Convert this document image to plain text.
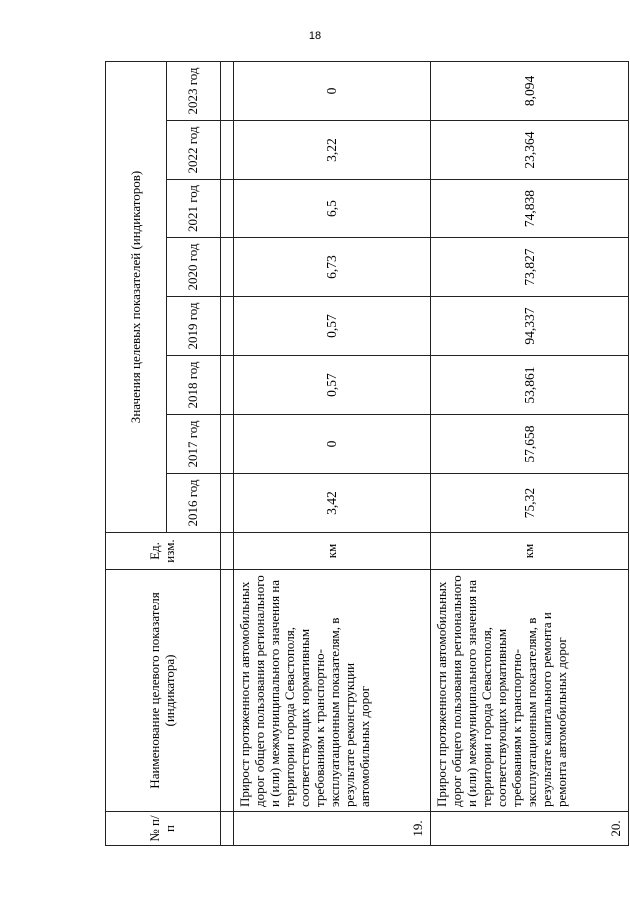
18
№ п/п	Наименование целевого показателя (индикатора)	Ед. изм.	Значения целевых показателей (индикаторов)							
			2016 год	2017 год	2018 год	2019 год	2020 год	2021 год	2022 год	2023 год

19.	Прирост протяженности автомобильных дорог общего пользования регионального и (или) межмуниципального значения на территории города Севастополя, соответствующих нормативным требованиям к транспортно-эксплуатационным показателям, в результате реконструкции автомобильных дорог	км	3,42	0	0,57	0,57	6,73	6,5	3,22	0
20.	Прирост протяженности автомобильных дорог общего пользования регионального и (или) межмуниципального значения на территории города Севастополя, соответствующих нормативным требованиям к транспортно-эксплуатационным показателям, в результате капитального ремонта и ремонта автомобильных дорог	км	75,32	57,658	53,861	94,337	73,827	74,838	23,364	8,094
